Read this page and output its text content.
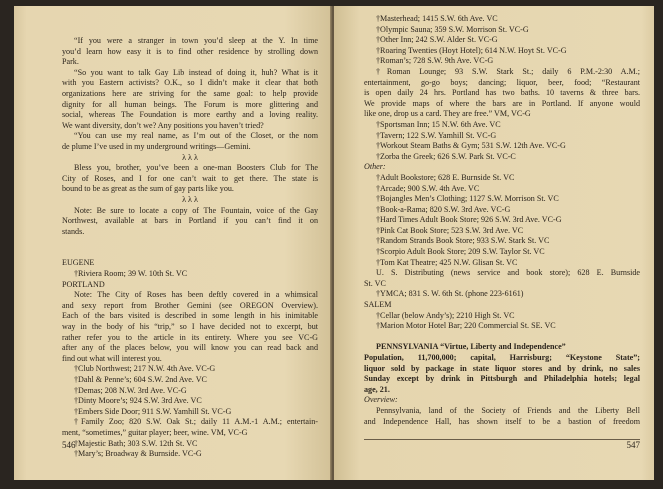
“If you were a stranger in town you’d sleep at the Y. In time
you’d learn how easy it is to find other residence by strolling down
Park.
“So you want to talk Gay Lib instead of doing it, huh? What is it
with you Eastern activists? O.K., so I didn’t make it clear that both
organizations here are striving for the same goal: to help provide
dignity for all human beings. The Forum is more glittering and
social, whereas The Foundation is more earthy and a loving reality.
We want diversity, don’t we? Any positions you haven’t tried?
“You can use my real name, as I’m out of the Closet, or the nom
de plume I’ve used in my underground writings—Gemini.
λ λ λ
Bless you, brother, you’ve been a one-man Boosters Club for The
City of Roses, and I for one can’t wait to get there. The state is
bound to be as great as the sum of gay parts like you.
λ λ λ
Note: Be sure to locate a copy of The Fountain, voice of the Gay
Northwest, available at bars in Portland if you can’t find it on
stands.
EUGENE
†Riviera Room; 39 W. 10th St. VC
PORTLAND
Note: The City of Roses has been deftly covered in a whimsical
and sexy report from Brother Gemini (see OREGON Overview).
Each of the bars visited is described in some length in his inimitable
way in the body of his “trip,” so I have decided not to excerpt, but
rather refer you to the article in its entirety. Where you see VC-G
after any of the places below, you will know you can read back and
find out what will interest you.
†Club Northwest; 217 N.W. 4th Ave. VC-G
†Dahl & Penne’s; 604 S.W. 2nd Ave. VC
†Demas; 208 N.W. 3rd Ave. VC-G
†Dinty Moore’s; 924 S.W. 3rd Ave. VC
†Embers Side Door; 911 S.W. Yamhill St. VC-G
†Family Zoo; 820 S.W. Oak St.; daily 11 A.M.-1 A.M.; entertain-
ment, “sometimes,” guitar player; beer, wine. VM, VC-G
†Majestic Bath; 303 S.W. 12th St. VC
†Mary’s; Broadway & Burnside. VC-G
546
†Masterhead; 1415 S.W. 6th Ave. VC
†Olympic Sauna; 359 S.W. Morrison St. VC-G
†Other Inn; 242 S.W. Alder St. VC-G
†Roaring Twenties (Hoyt Hotel); 614 N.W. Hoyt St. VC-G
†Roman’s; 728 S.W. 9th Ave. VC-G
†Roman Lounge; 93 S.W. Stark St.; daily 6 P.M.-2:30 A.M.;
entertainment, go-go boys; dancing; liquor, beer, food; “Restaurant
is open daily 24 hrs. Portland has two baths. 10 taverns & three bars.
We provide maps of where the bars are in Portland. If anyone would
like one, drop us a card. They are free.” VM, VC-G
†Sportsman Inn; 15 N.W. 6th Ave. VC
†Tavern; 122 S.W. Yamhill St. VC-G
†Workout Steam Baths & Gym; 531 S.W. 12th Ave. VC-G
†Zorba the Greek; 626 S.W. Park St. VC-C
Other:
†Adult Bookstore; 628 E. Burnside St. VC
†Arcade; 900 S.W. 4th Ave. VC
†Bojangles Men’s Clothing; 1127 S.W. Morrison St. VC
†Book-a-Rama; 820 S.W. 3rd Ave. VC-G
†Hard Times Adult Book Store; 926 S.W. 3rd Ave. VC-G
†Pink Cat Book Store; 523 S.W. 3rd Ave. VC
†Random Strands Book Store; 933 S.W. Stark St. VC
†Scorpio Adult Book Store; 209 S.W. Taylor St. VC
†Tom Kat Theatre; 425 N.W. Glisan St. VC
U. S. Distributing (news service and book store); 628 E. Burnside
St. VC
†YMCA; 831 S. W. 6th St. (phone 223-6161)
SALEM
†Cellar (below Andy’s); 2210 High St. VC
†Marion Motor Hotel Bar; 220 Commercial St. SE. VC
PENNSYLVANIA “Virtue, Liberty and Independence”
Population, 11,700,000; capital, Harrisburg; “Keystone State”;
liquor sold by package in state liquor stores and by drink, no sales
Sunday except by drink in Pittsburgh and Philadelphia hotels; legal
age, 21.
Overview:
Pennsylvania, land of the Society of Friends and the Liberty Bell
and Independence Hall, has shown itself to be a bastion of freedom
547
